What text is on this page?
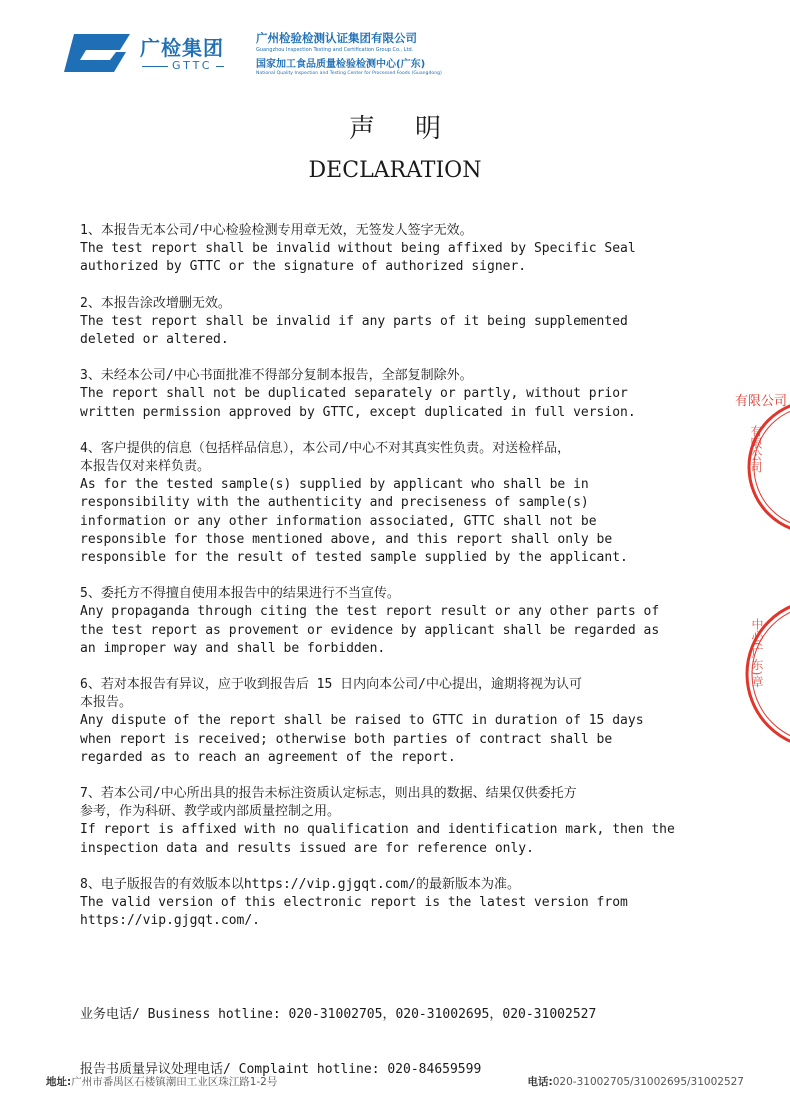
广检集团
GTTC
广州检验检测认证集团有限公司
Guangzhou Inspection Testing and Certification Group Co., Ltd.
国家加工食品质量检验检测中心(广东)
National Quality Inspection and Testing Center for Processed Foods (Guangdong)
声明
DECLARATION
1、本报告无本公司/中心检验检测专用章无效，无签发人签字无效。
The test report shall be invalid without being affixed by Specific Seal
authorized by GTTC or the signature of authorized signer.
2、本报告涂改增删无效。
The test report shall be invalid if any parts of it being supplemented
deleted or altered.
3、未经本公司/中心书面批准不得部分复制本报告，全部复制除外。
The report shall not be duplicated separately or partly, without prior
written permission approved by GTTC, except duplicated in full version.
4、客户提供的信息（包括样品信息），本公司/中心不对其真实性负责。对送检样品，
本报告仅对来样负责。
As for the tested sample(s) supplied by applicant who shall be in
responsibility with the authenticity and preciseness of sample(s)
information or any other information associated, GTTC shall not be
responsible for those mentioned above, and this report shall only be
responsible for the result of tested sample supplied by the applicant.
5、委托方不得擅自使用本报告中的结果进行不当宣传。
Any propaganda through citing the test report result or any other parts of
the test report as provement or evidence by applicant shall be regarded as
an improper way and shall be forbidden.
6、若对本报告有异议，应于收到报告后 15 日内向本公司/中心提出，逾期将视为认可
本报告。
Any dispute of the report shall be raised to GTTC in duration of 15 days
when report is received; otherwise both parties of contract shall be
regarded as to reach an agreement of the report.
7、若本公司/中心所出具的报告未标注资质认定标志，则出具的数据、结果仅供委托方
参考，作为科研、教学或内部质量控制之用。
If report is affixed with no qualification and identification mark, then the
inspection data and results issued are for reference only.
8、电子版报告的有效版本以https://vip.gjgqt.com/的最新版本为准。
The valid version of this electronic report is the latest version from
https://vip.gjgqt.com/.

业务电话/ Business hotline: 020-31002705，020-31002695，020-31002527

报告书质量异议处理电话/ Complaint hotline: 020-84659599

地址:广州市番禺区石楼镇潮田工业区珠江路1-2号	电话:020-31002705/31002695/31002527
有限公司
有限公司
中心(广东)章
